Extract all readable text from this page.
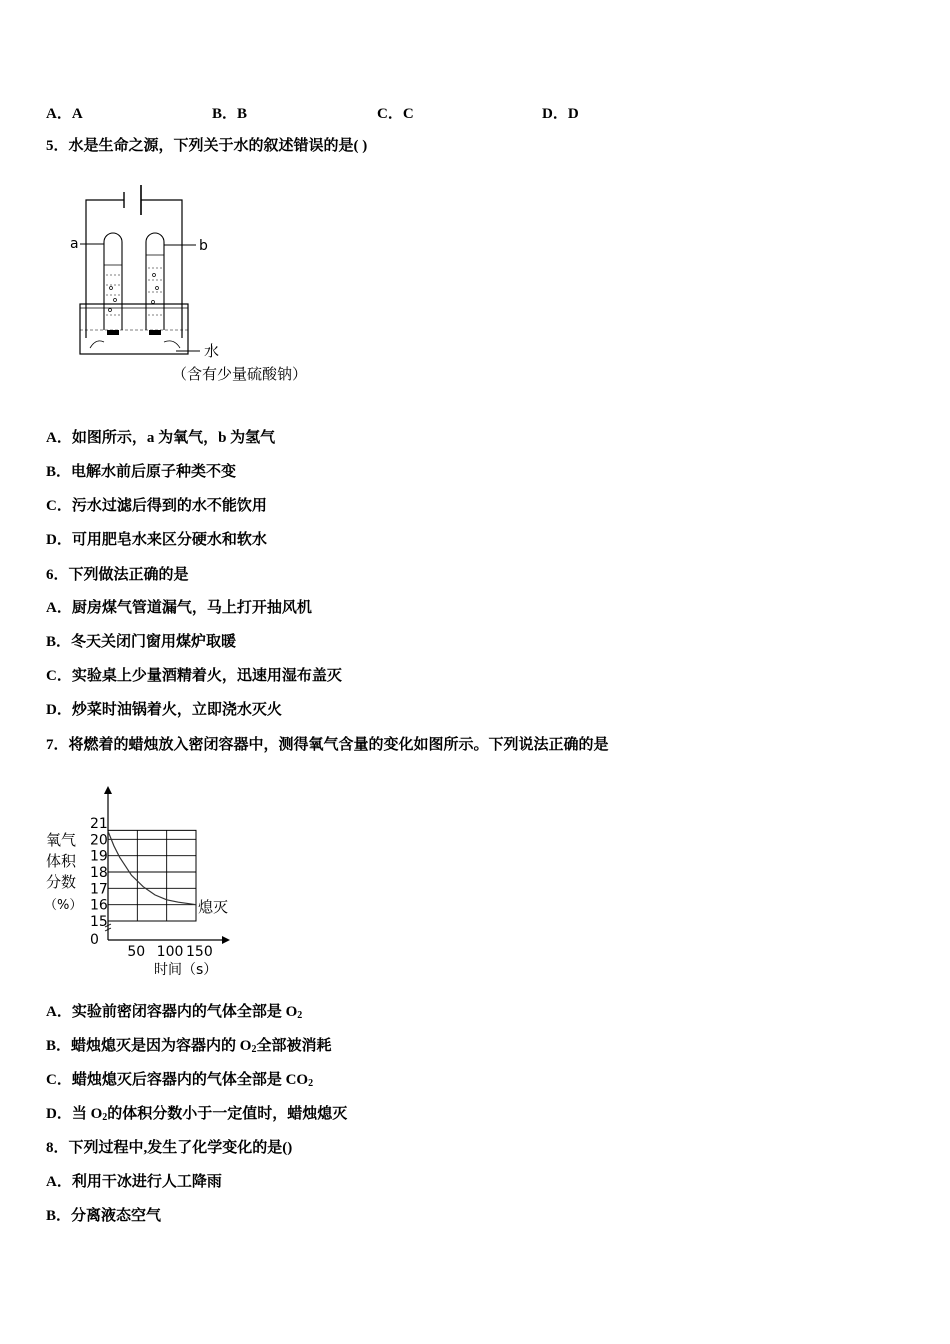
A．A	B．B	C．C	D．D
5．水是生命之源，下列关于水的叙述错误的是( )
a	b
水
（含有少量硫酸钠）
A．如图所示，a 为氧气，b 为氢气
B．电解水前后原子种类不变
C．污水过滤后得到的水不能饮用
D．可用肥皂水来区分硬水和软水
6．下列做法正确的是
A．厨房煤气管道漏气，马上打开抽风机
B．冬天关闭门窗用煤炉取暖
C．实验桌上少量酒精着火，迅速用湿布盖灭
D．炒菜时油锅着火，立即浇水灭火
7．将燃着的蜡烛放入密闭容器中，测得氧气含量的变化如图所示。下列说法正确的是
氧气
体积
分数
（%）
21
20
19
18
17
16
15
0
50 100 150
熄灭
时间（s）
A．实验前密闭容器内的气体全部是 $O_2$
B．蜡烛熄灭是因为容器内的 $O_2$全部被消耗
C．蜡烛熄灭后容器内的气体全部是 $CO_2$
D．当 $O_2$的体积分数小于一定值时，蜡烛熄灭
8．下列过程中,发生了化学变化的是()
A．利用干冰进行人工降雨
B．分离液态空气
